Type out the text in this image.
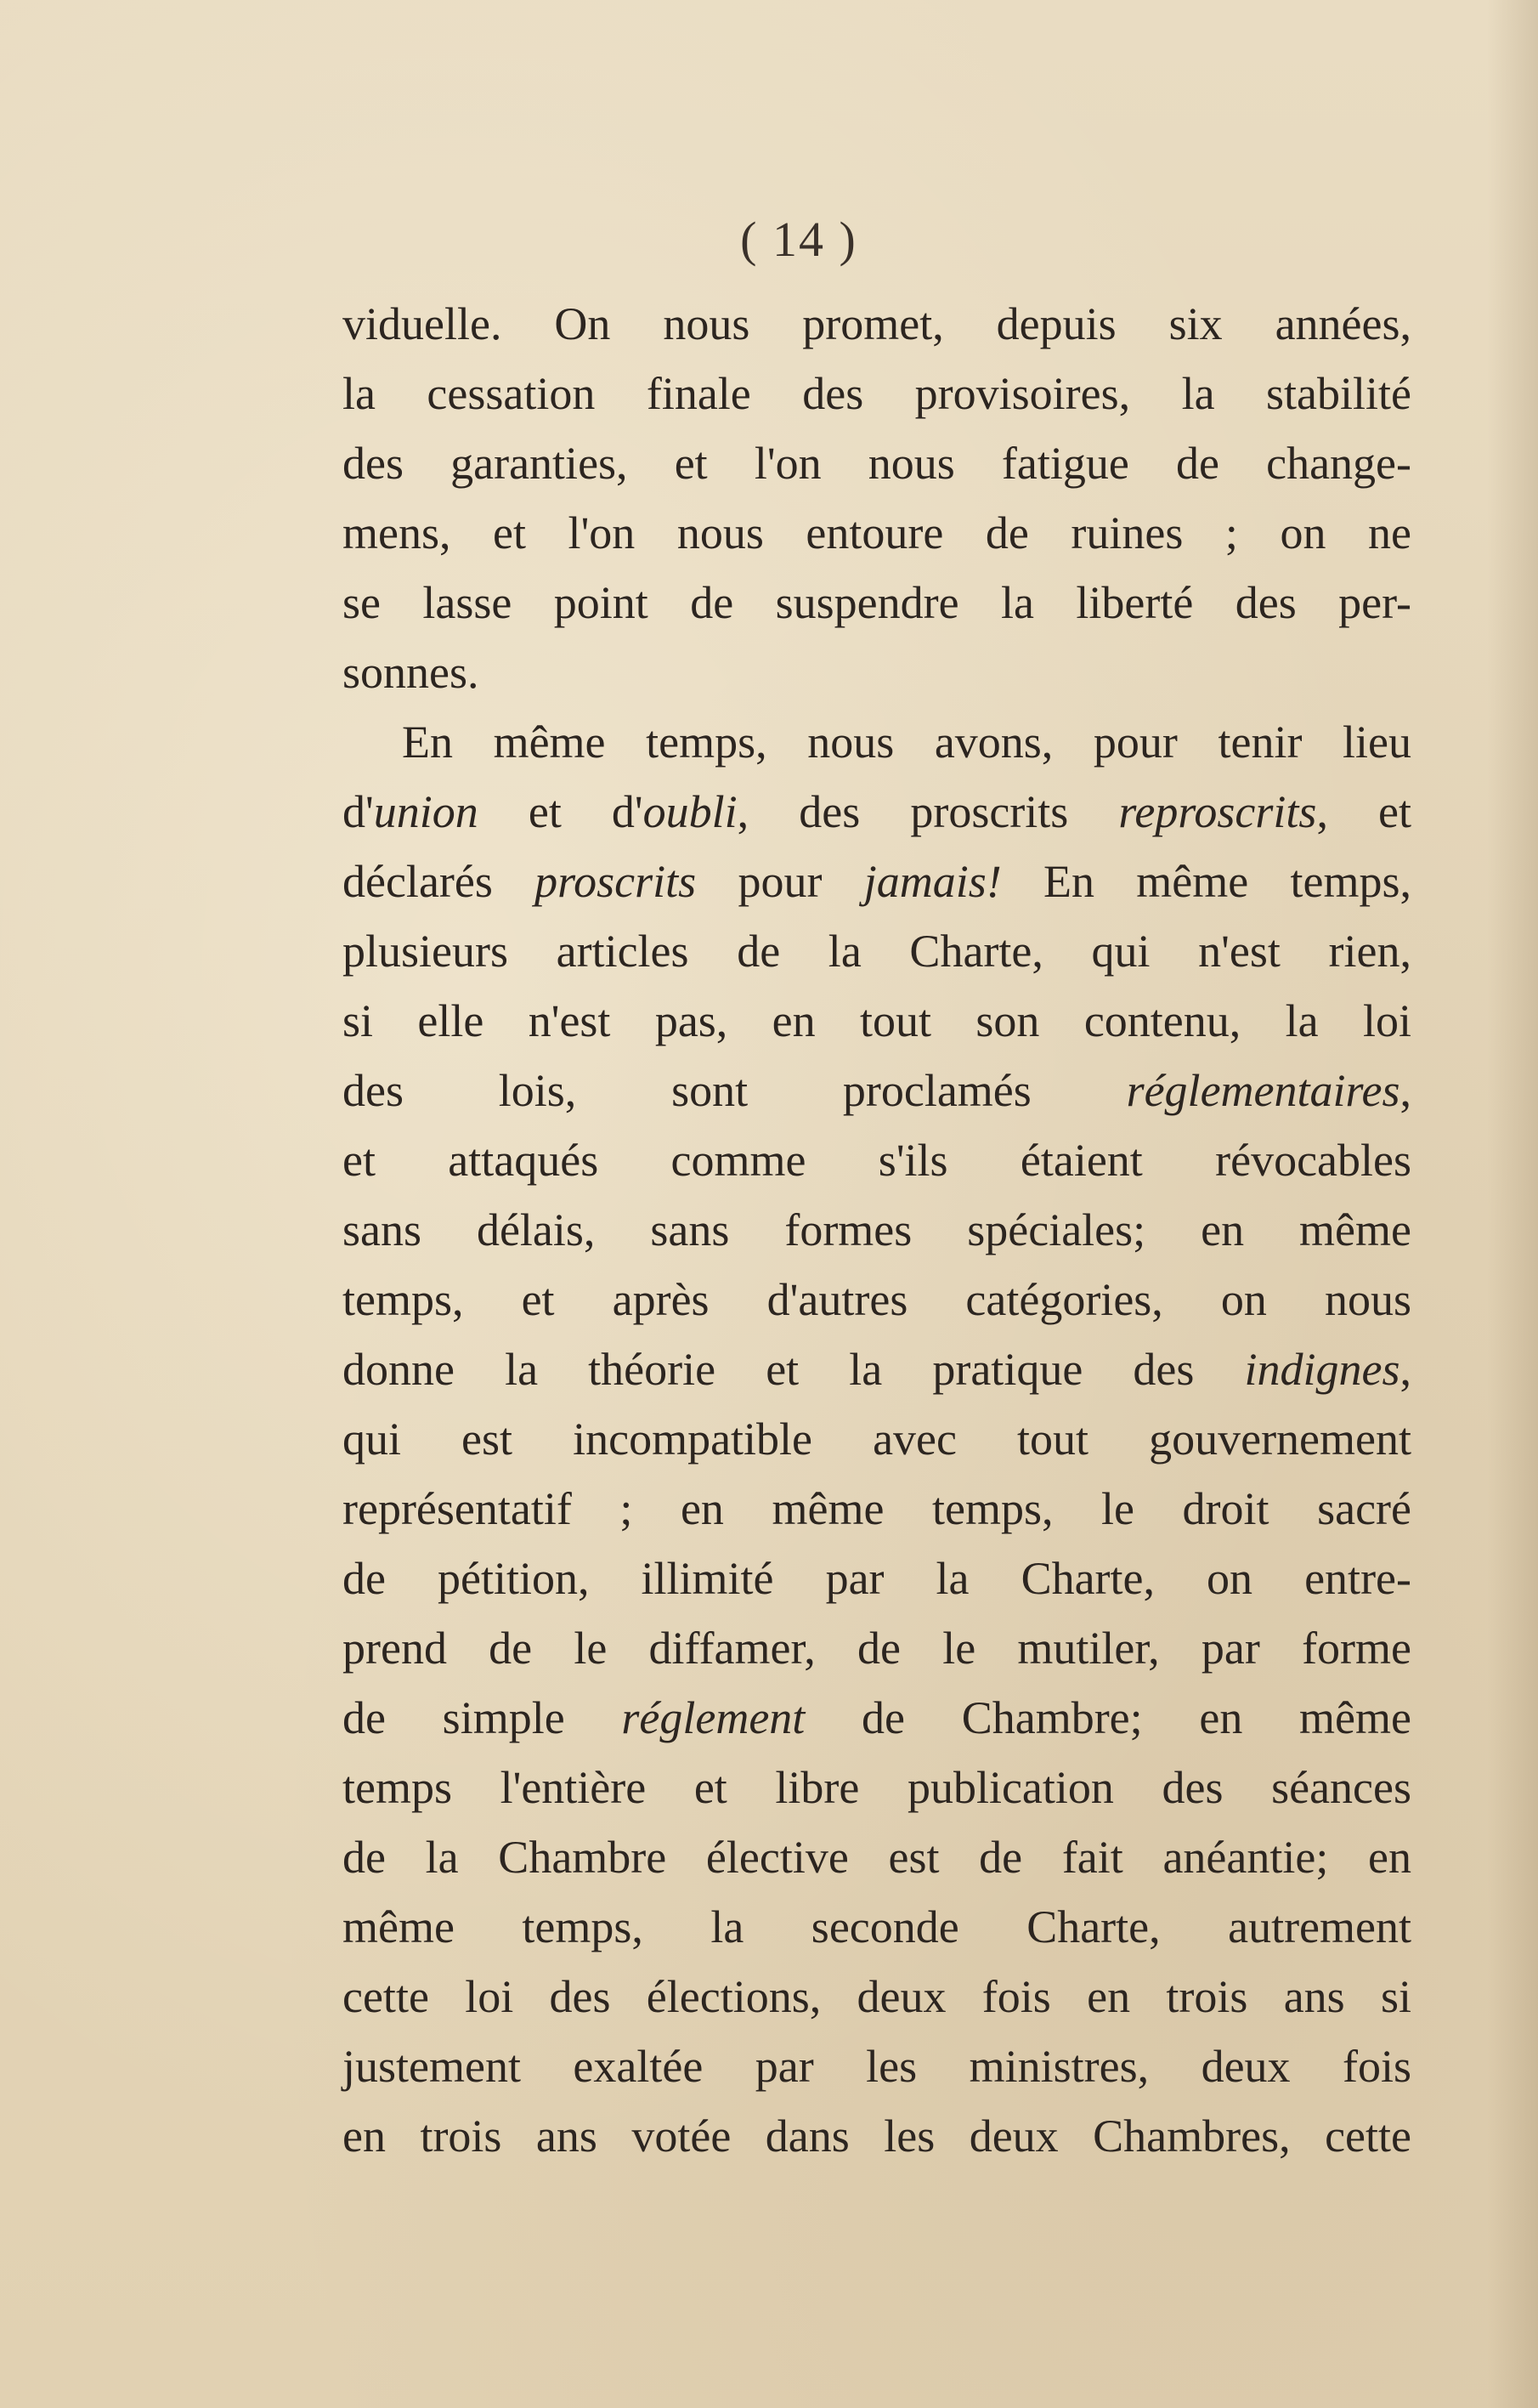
( 14 )
viduelle. On nous promet, depuis six années,
la cessation finale des provisoires, la stabilité
des garanties, et l'on nous fatigue de change-
mens, et l'on nous entoure de ruines ; on ne
se lasse point de suspendre la liberté des per-
sonnes.
En même temps, nous avons, pour tenir lieu
d'union et d'oubli, des proscrits reproscrits, et
déclarés proscrits pour jamais! En même temps,
plusieurs articles de la Charte, qui n'est rien,
si elle n'est pas, en tout son contenu, la loi
des lois, sont proclamés réglementaires,
et attaqués comme s'ils étaient révocables
sans délais, sans formes spéciales; en même
temps, et après d'autres catégories, on nous
donne la théorie et la pratique des indignes,
qui est incompatible avec tout gouvernement
représentatif ; en même temps, le droit sacré
de pétition, illimité par la Charte, on entre-
prend de le diffamer, de le mutiler, par forme
de simple réglement de Chambre; en même
temps l'entière et libre publication des séances
de la Chambre élective est de fait anéantie; en
même temps, la seconde Charte, autrement
cette loi des élections, deux fois en trois ans si
justement exaltée par les ministres, deux fois
en trois ans votée dans les deux Chambres, cette
